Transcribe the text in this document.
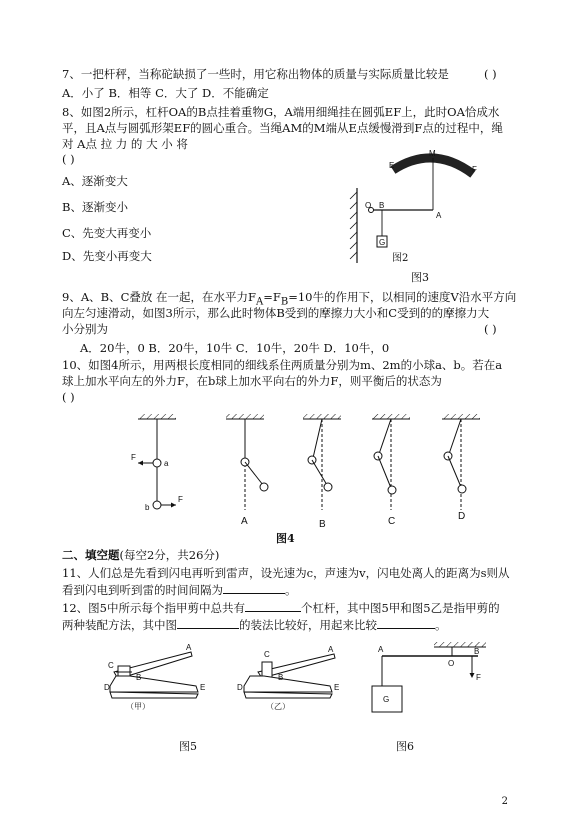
7、一把杆秤，当称砣缺损了一些时，用它称出物体的质量与实际质量比较是	( )
A．小了 B．相等 C．大了 D．不能确定
8、如图2所示，杠杆OA的B点挂着重物G，A端用细绳挂在圆弧EF上，此时OA恰成水
平，且A点与圆弧形架EF的圆心重合。当绳AM的M端从E点缓慢滑到F点的过程中，绳
对 A点 拉 力 的 大 小 将
( )
A、逐渐变大
B、逐渐变小
C、先变大再变小
D、先变小再变大
G
E
M
F
O B
A
图2
图3
9、A、B、C叠放 在一起，在水平力$F_A=F_B=10$牛的作用下，以相同的速度V沿水平方向
向左匀速滑动，如图3所示，那么此时物体B受到的摩擦力大小和C受到的的摩擦力大
小分别为	( )
A．20牛，0 B．20牛，10牛 C．10牛，20牛 D．10牛，0
10、如图4所示，用两根长度相同的细线系住两质量分别为m、2m的小球a、b。若在a
球上加水平向左的外力F，在b球上加水平向右的外力F，则平衡后的状态为
( )
F
a
b
F
A	B	C	D
图4
二、填空题(每空2分，共26分)
11、人们总是先看到闪电再听到雷声，设光速为c，声速为v，闪电处离人的距离为s则从
看到闪电到听到雷的时间间隔为	。
12、图5中所示每个指甲剪中总共有	个杠杆，其中图5甲和图5乙是指甲剪的
两种装配方法，其中图	的装法比较好，用起来比较	。
C
A
B
D	E
（甲）
C
A
B
D	E
（乙）
A
O
B
F
G
图5	图6
2
